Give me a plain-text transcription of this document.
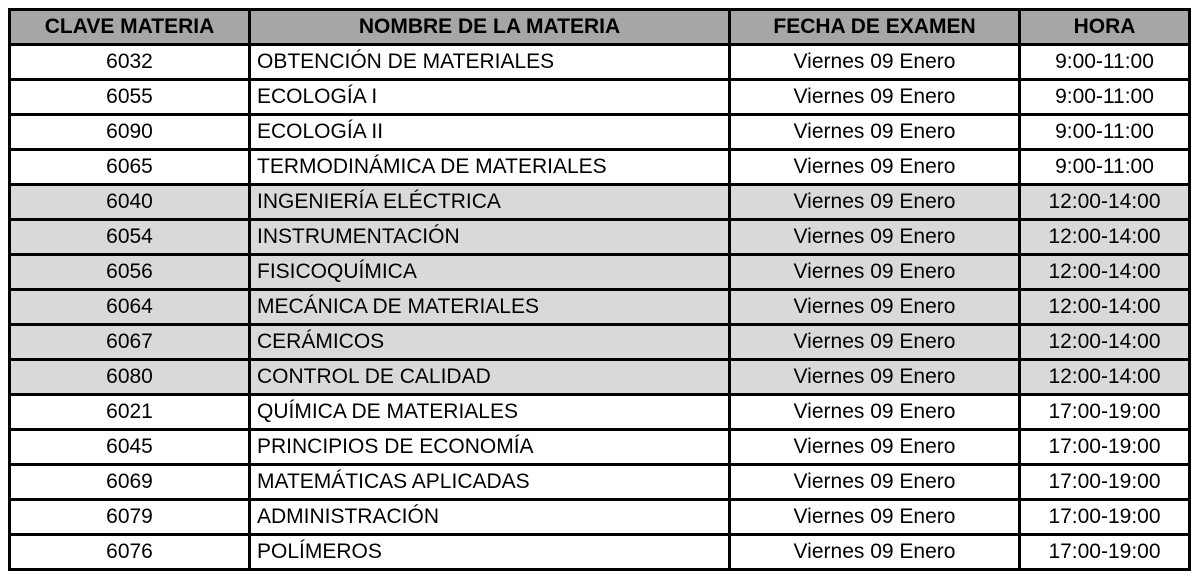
CLAVE MATERIA	NOMBRE DE LA MATERIA	FECHA DE EXAMEN	HORA
6032	OBTENCIÓN DE MATERIALES	Viernes 09 Enero	9:00-11:00
6055	ECOLOGÍA I	Viernes 09 Enero	9:00-11:00
6090	ECOLOGÍA II	Viernes 09 Enero	9:00-11:00
6065	TERMODINÁMICA DE MATERIALES	Viernes 09 Enero	9:00-11:00
6040	INGENIERÍA ELÉCTRICA	Viernes 09 Enero	12:00-14:00
6054	INSTRUMENTACIÓN	Viernes 09 Enero	12:00-14:00
6056	FISICOQUÍMICA	Viernes 09 Enero	12:00-14:00
6064	MECÁNICA DE MATERIALES	Viernes 09 Enero	12:00-14:00
6067	CERÁMICOS	Viernes 09 Enero	12:00-14:00
6080	CONTROL DE CALIDAD	Viernes 09 Enero	12:00-14:00
6021	QUÍMICA DE MATERIALES	Viernes 09 Enero	17:00-19:00
6045	PRINCIPIOS DE ECONOMÍA	Viernes 09 Enero	17:00-19:00
6069	MATEMÁTICAS APLICADAS	Viernes 09 Enero	17:00-19:00
6079	ADMINISTRACIÓN	Viernes 09 Enero	17:00-19:00
6076	POLÍMEROS	Viernes 09 Enero	17:00-19:00
